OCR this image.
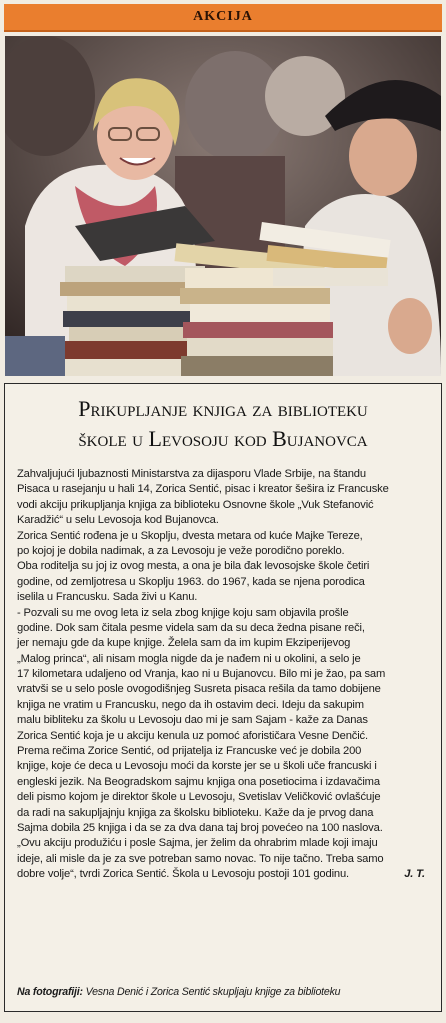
AKCIJA
Prikupljanje knjiga za biblioteku
škole u Levosoju kod Bujanovca
Zahvaljujući ljubaznosti Ministarstva za dijasporu Vlade Srbije, na štandu
Pisaca u rasejanju u hali 14, Zorica Sentić, pisac i kreator šešira iz Francuske
vodi akciju prikupljanja knjiga za biblioteku Osnovne škole „Vuk Stefanović
Karadžić“ u selu Levosoja kod Bujanovca.
Zorica Sentić rođena je u Skoplju, dvesta metara od kuće Majke Tereze,
po kojoj je dobila nadimak, a za Levosoju je veže porodično poreklo.
Oba roditelja su joj iz ovog mesta, a ona je bila đak levosojske škole četiri
godine, od zemljotresa u Skoplju 1963. do 1967, kada se njena porodica
iselila u Francusku. Sada živi u Kanu.
- Pozvali su me ovog leta iz sela zbog knjige koju sam objavila prošle
godine. Dok sam čitala pesme videla sam da su deca žedna pisane reči,
jer nemaju gde da kupe knjige. Želela sam da im kupim Ekziperijevog
„Malog princa“, ali nisam mogla nigde da je nađem ni u okolini, a selo je
17 kilometara udaljeno od Vranja, kao ni u Bujanovcu. Bilo mi je žao, pa sam
vratvši se u selo posle ovogodišnjeg Susreta pisaca rešila da tamo dobijene
knjiga ne vratim u Francusku, nego da ih ostavim deci. Ideju da sakupim
malu bibliteku za školu u Levosoju dao mi je sam Sajam - kaže za Danas
Zorica Sentić koja je u akciju kenula uz pomoć aforističara Vesne Denčić.
Prema rečima Zorice Sentić, od prijatelja iz Francuske već je dobila 200
knjige, koje će deca u Levosoju moći da korste jer se u školi uče francuski i
engleski jezik. Na Beogradskom sajmu knjiga ona posetiocima i izdavačima
deli pismo kojom je direktor škole u Levosoju, Svetislav Veličković ovlašćuje
da radi na sakupljajnju knjiga za školsku biblioteku. Kaže da je prvog dana
Sajma dobila 25 knjiga i da se za dva dana taj broj povećeo na 100 naslova.
„Ovu akciju produžiću i posle Sajma, jer želim da ohrabrim mlade koji imaju
ideje, ali misle da je za sve potreban samo novac. To nije tačno. Treba samo
dobre volje“, tvrdi Zorica Sentić. Škola u Levosoju postoji 101 godinu.	J. T.
Na fotografiji: Vesna Denić i Zorica Sentić skupljaju knjige za biblioteku
